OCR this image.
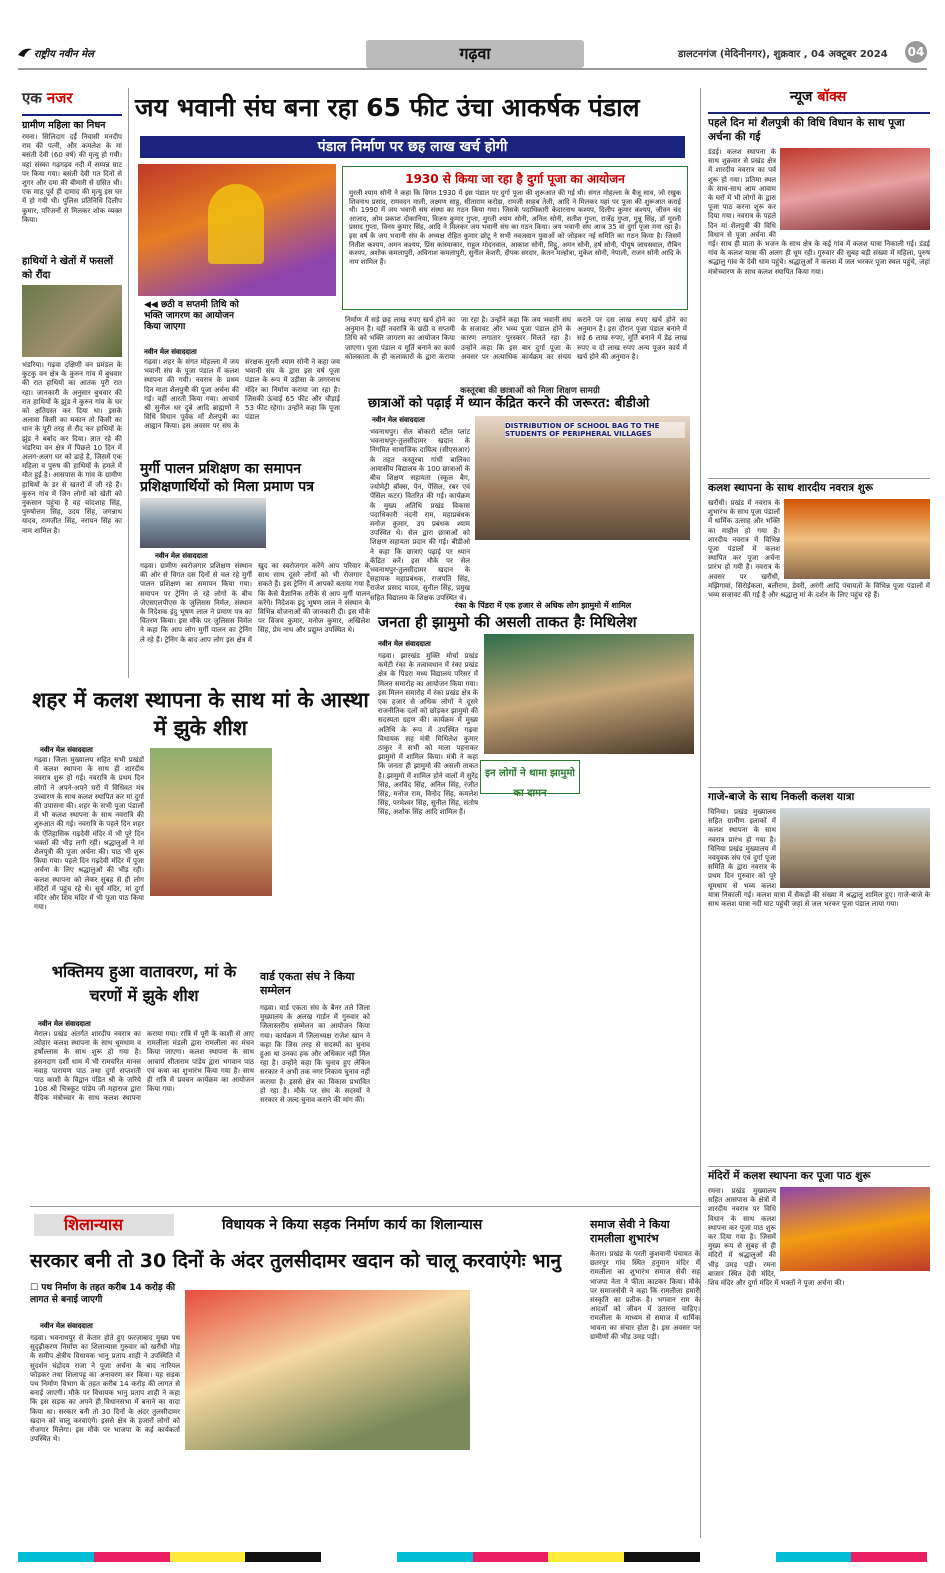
राष्ट्रीय नवीन मेल	गढ़वा	डालटनगंज (मेदिनीनगर), शुक्रवार , 04 अक्टूबर 2024 04
एक नजर
ग्रामीण महिला का निधन
रमना। सिलिदाग दर्ई निवासी मनदीप राम की पत्नी, और कमलेश के मां बसंती देवी (60 वर्ष) की मृत्यु हो गयी। वहां संस्का गढ़गढ़व नदी में सम्पन्न घाट पर किया गया। बसंती देवी गत दिनों से शुगर और दमा की बीमारी से ग्रसित थी। एक माह पूर्व ही दामाद की मृत्यु इस घर में हो गयी थी। पुलिस प्रतिनिधि दिलीप कुमार, परिजनों से मिलकर शोक व्यक्त किया।
हाथियों ने खेतों में फसलों को रौंदा
भंडरिया। गढ़वा दक्षिणी वन प्रमंडल के कुटकु वन क्षेत्र के कुरुन गांव में बुधवार की रात हाथियों का आतंक पूरी रात रहा। जानकारी के अनुसार बुधवार की रात हाथियों के झुंड ने कुरुन गांव के घर को क्षतिग्रस्त कर दिया था। इसके अलावा किसी का मकान तो किसी का धान के पूरी तरह से रौंद कर हाथियों के झुंड ने बर्बाद कर दिया। ज्ञात रहे की भंडरिया वन क्षेत्र में पिछले 10 दिन में अलग-अलग घर को ढाहे है, जिसमें एक महिला व पुरुष की हाथियों के हमले में मौत हुई है। आसपास के गांव के ग्रामीण हाथियों के डर से खतरों में जी रहे हैं। कुरुन गांव में जिन लोगों को खेती को नुकसान पहुंचा है वह चांदशाह सिंह, पुरुषोत्तम सिंह, उदय सिंह, जगन्नाथ यादव, रामजीत सिंह, नरायन सिंह का नाम शामिल है।
जय भवानी संघ बना रहा 65 फीट उंचा आकर्षक पंडाल
पंडाल निर्माण पर छह लाख खर्च होगी
1930 से किया जा रहा है दुर्गा पूजा का आयोजन
मुरली श्याम सोनी ने कहा कि विगत 1930 में इस पंडाल पर दुर्गा पूजा की शुरूआत की गई थी। संगत मोहल्ला के बैजू साव, जो रखुक शिवनाथ प्रसाद, रामवदन माली, लक्ष्मण साहू, सीताराम करोड़ा, रामजी साहब तेली, आदि ने मिलकर यहां पर पूजा की शुरूआत कराई थी। 1990 में जय भवानी संघ संस्था का गठन किया गया। जिसके पदाधिकारी केदारनाथ कश्यप, दिलीप कुमार कश्यप, जीवन चंद आजाद, ओम प्रकाश दोकानिया, विजय कुमार गुप्ता, मुरली श्याम सोनी, अनिल सोनी, सतीश गुप्ता, राजेंद्र गुप्ता, मुन्नू सिंह, डॉ मुरली प्रसाद गुप्ता, विनय कुमार सिंह, आदि ने मिलकर जय भवानी संघ का गठन किया। जय भवानी संघ आज 35 वां दुर्गा पूजा मना रहा है। इस वर्ष के जय भवानी संघ के अध्यक्ष रोहित कुमार छोटू ने सभी नवजवान युवाओं को जोड़कर नई समिति का गठन किया है। जिसमें नितीश कश्यप, अमन कश्यप, प्रिंस कांस्याकार, राहुल मोदनवाल, आकाश सोनी, मिट्ठू, अमन सोनी, हर्ष सोनी, पीयूष जायसवाल, रौबिन कश्यप, अशोक कमलापुरी, अविनाश कमलापुरी, सुनील केशरी, दीपक सरदार, केतन मल्होत्रा, मुकेश सोनी, नेपाली, राजन सोनी आदि के नाम शामिल हैं।
◀◀ छठी व सप्तमी तिथि को भक्ति जागरण का आयोजन किया जाएगा
नवीन मेल संवाददाता
गढ़वा। शहर के संगत मोहल्ला में जय भवानी संघ के पूजा पंडाल में कलश स्थापना की गयी। नवरात्र के प्रथम दिन माता शैलपुत्री की पूजा अर्चना की गई। वहीं आरती किया गया। आचार्य श्री सुनील धर दुबे आदि ब्राह्मणों ने विधि विधान पूर्वक माँ शैलपुत्री का आह्वान किया। इस अवसर पर संघ के संरक्षक मुरली श्याम सोनी ने कहा जय भवानी संघ के द्वारा इस वर्ष पूजा पंडाल के रूप में उड़ीसा के जगरनाथ मंदिर का निर्माण कराया जा रहा है। जिसकी ऊंचाई 65 फीट और चौड़ाई 53 फीट रहेगा। उन्होंने कहा कि पूजा पंडाल
निर्माण में सड़े छह लाख रुपए खर्च होने का अनुमान है। वहीं नवरात्रि के छठी व सप्तमी तिथि को भक्ति जागरण का आयोजन किया जाएगा। पूजा पंडाल व मूर्ति बनाने का कार्य कोलकाता के ही कलाकारों के द्वारा कराया जा रहा है। उन्होंने कहा कि जय भवानी संघ के सजावट और भव्य पूजा पंडाल होने के कारण लगातार पुरस्कार मिलते रहा है। उन्होंने कहा कि इस बार दुर्गा पूजा के अवसर पर अत्याधिक कार्यक्रम का संचय कराने पर दस लाख रुपए खर्च होने का अनुमान है। इस दौरान पूजा पंडाल बनाने में सड़े 6 लाख रुपए, मूर्ति बनाने में डेढ़ लाख रुपए व दो लाख रुपए अन्य पूजन कार्य में खर्च होने की अनुमान है।
मुर्गी पालन प्रशिक्षण का समापन प्रशिक्षणार्थियों को मिला प्रमाण पत्र
नवीन मेल संवाददाता
गढ़वा। ग्रामीण स्वरोजगार प्रशिक्षण संस्थान की ओर से विगत दस दिनों से चल रहे मुर्गी पालन प्रशिक्षण का समापन किया गया। समापन पर ट्रेनिंग ले रहे लोगो के बीच जेएसएलपीएस के जुलिसस निर्मल, संस्थान के निदेशक इंदु भूषण लाल ने प्रमाण पत्र का वितरण किया। इस मौके पर जुलिसस निर्मल ने कहा कि आप लोग मुर्गी पालन का ट्रेनिंग ले रहे हैं। ट्रेनिंग के बाद आप लोग इस क्षेत्र में खुद का स्वरोजगार करेंगे आप परिवार के साथ साथ दूसरे लोगों को भी रोजगार दे सकते हैं। इस ट्रेनिंग में आपको बताया गया है कि कैसे वैज्ञानिक तरीके से आप मुर्गी पालन करेंगे। निदेशक इंदु भूषण लाल ने संस्थान के विभिन्न योजनाओं की जानकारी दी। इस मौके पर विजय कुमार, मनोज कुमार, अखिलेश सिंह, प्रेम नाथ और प्रद्युम्न उपस्थित थे।
कस्तूरबा की छात्राओं को मिला शिक्षण सामग्री
छात्राओं को पढ़ाई में ध्यान केंद्रित करने की जरूरत: बीडीओ
नवीन मेल संवाददाता
DISTRIBUTION OF SCHOOL BAG TO THE STUDENTS OF PERIPHERAL VILLAGES
भवनाथपुर। सेल बोकारो स्टील प्लांट भवनाथपुर-तुलसीदामर खदान के निगमित सामाजिक दायित्व (सीएसआर) के तहत कस्तूरबा गांधी बालिका आवासीय विद्यालय के 100 छात्राओं के बीच शिक्षण सहायता (स्कूल बैग, ज्योमेट्री बॉक्स, पेन, पेंसिल, रबर एवं पेंसिल कटर) वितरित की गई। कार्यक्रम के मुख्य अतिथि प्रखंड विकास पदाधिकारी नंदनी राम, महाप्रबंधक मनोज कुमार, उप प्रबंधक श्याम उपस्थित थे। सेल द्वारा छात्राओं को शिक्षण सहायता प्रदान की गई। बीडीओ ने कहा कि छात्राएं पढ़ाई पर ध्यान केंद्रित करें। इस मौके पर सेल भवनाथपुर-तुलसीदामर खदान के सहायक महाप्रबंधक, राजपति सिंह, राजेश प्रसाद यादव, सुनील सिंह, प्रमुख सहित विद्यालय के शिक्षक उपस्थित थे।
रंका के पिंडरा में एक हजार से अधिक लोग झामुमो में शामिल
जनता ही झामुमो की असली ताकत हैः मिथिलेश
नवीन मेल संवाददाता
गढ़वा। झारखंड मुक्ति मोर्चा प्रखंड कमेटी रंका के तत्वावधान में रंका प्रखंड क्षेत्र के पिंडरा मध्य विद्यालय परिसर में मिलन समारोह का आयोजन किया गया। इस मिलन समारोह में रंका प्रखंड क्षेत्र के एक हजार से अधिक लोगों ने दूसरे राजनीतिक दलों को छोड़कर झामुमो की सदस्यता ग्रहण की। कार्यक्रम में मुख्य अतिथि के रूप में उपस्थित गढ़वा विधायक सह मंत्री मिथिलेश कुमार ठाकुर ने सभी को माला पहनाकर झामुमो में शामिल किया। मंत्री ने कहा कि जनता ही झामुमो की असली ताकत है। झामुमो में शामिल होने वालों में सुरेंद्र सिंह, अरविंद सिंह, अनिल सिंह, रंजीत सिंह, मनोज राम, विनोद सिंह, कमलेश सिंह, परमेश्वर सिंह, सुनील सिंह, संतोष सिंह, अशोक सिंह आदि शामिल हैं।
इन लोगों ने थामा झामुमो का दामन
शहर में कलश स्थापना के साथ मां के आस्था में झुके शीश
नवीन मेल संवाददाता
गढ़वा। जिला मुख्यालय सहित सभी प्रखंडों में कलश स्थापना के साथ ही शारदीय नवरात्र शुरू हो गई। नवरात्रि के प्रथम दिन लोगों ने अपने-अपने घरों में विधिवत मंत्र उच्चारण के साथ कलश स्थापित कर मां दुर्गा की उपासना की। शहर के सभी पूजा पंडालों में भी कलश स्थापना के साथ नवरात्रि की शुरुआत की गई। नवरात्रि के पहले दिन शहर के ऐतिहासिक गढ़देवी मंदिर में भी पूरे दिन भक्तों की भीड़ लगी रही। श्रद्धालुओं ने मां शैलपुत्री की पूजा अर्चना की। पाठ भी शुरू किया गया। पहले दिन गढ़देवी मंदिर में पूजा अर्चना के लिए श्रद्धालुओं की भीड़ रही। कलश स्थापना को लेकर सुबह से ही लोग मंदिरों में पहुंच रहे थे। सूर्य मंदिर, मां दुर्गा मंदिर और शिव मंदिर में भी पूजा पाठ किया गया।
भक्तिमय हुआ वातावरण, मां के चरणों में झुके शीश
नवीन मेल संवाददाता
मेराल। प्रखंड अंतर्गत शारदीय नवरात्र का त्योहार कलश स्थापना के साथ धूमधाम व हर्षोल्लास के साथ शुरू हो गया है। हसनदाग दर्शी धाम में भी रामचरित मानस नवाह पारायण पाठ तथा दुर्गा सप्तशती पाठ काशी के विद्वान पंडित श्री के जरिये 108 श्री चित्रकूट पांडेय जी महाराज द्वारा वैदिक मंत्रोच्चार के साथ कलश स्थापना कराया गया। रात्रि में पूरी के काशी से आए रामलीला मंडली द्वारा रामलीला का मंचन किया जाएगा। कलश स्थापना के साथ आचार्य सीताराम पांडेय द्वारा भगवान पाठ एवं कथा का शुभारंभ किया गया है। साथ ही रात्रि में प्रवचन कार्यक्रम का आयोजन किया गया।
वार्ड एकता संघ ने किया सम्मेलन
गढ़वा। वार्ड एकता संघ के बैनर तले जिला मुख्यालय के अलख गार्डन में गुरुवार को जिलास्तरीय सम्मेलन का आयोजन किया गया। कार्यक्रम में जिलाध्यक्ष राजेश खान ने कहा कि जिस तरह से सदस्यों का चुनाव हुआ था उनका हक और अधिकार नहीं मिल रहा है। उन्होंने कहा कि चुनाव हुए लेकिन सरकार ने अभी तक नगर निकाय चुनाव नहीं कराया है। इससे क्षेत्र का विकास प्रभावित हो रहा है। मौके पर संघ के सदस्यों ने सरकार से जल्द चुनाव कराने की मांग की।
शिलान्यास	विधायक ने किया सड़क निर्माण कार्य का शिलान्यास
सरकार बनी तो 30 दिनों के अंदर तुलसीदामर खदान को चालू करवाएंगेः भानु
☐ पथ निर्माण के तहत करीब 14 करोड़ की लागत से बनाई जाएगी
नवीन मेल संवाददाता
गढ़वा। भवनाथपुर से केतार होते हुए फ़रज़ाबाद मुख्य पथ सुदृढ़ीकरण निर्माण का शिलान्यास गुरुवार को खरौंधी मोड़ के समीप क्षेत्रीय विधायक भानु प्रताप शाही ने उपस्थिति में सुदर्शन चंद्रोदय राजा ने पूजा अर्चना के बाद नारियल फोड़कर तथा शिलापट्ट का अनावरण कर किया। यह सड़क पथ निर्माण विभाग के तहत करीब 14 करोड़ की लागत से बनाई जाएगी। मौके पर विधायक भानु प्रताप शाही ने कहा कि इस सड़क का अपने ही विधानसभा में बनाने का वादा किया था। सरकार बनी तो 30 दिनों के अंदर तुलसीदामर खदान को चालू करवाएंगे। इससे क्षेत्र के हजारों लोगों को रोजगार मिलेगा। इस मौके पर भाजपा के कई कार्यकर्ता उपस्थित थे।
समाज सेवी ने किया रामलीला शुभारंभ
केतार। प्रखंड के परती कुशवानी पंचायत के छतरपुर गांव स्थित हनुमान मंदिर में रामलीला का शुभारंभ समाज सेवी सह भाजपा नेता ने फीता काटकर किया। मौके पर समाजसेवी ने कहा कि रामलीला हमारी संस्कृति का प्रतीक है। भगवान राम के आदर्शों को जीवन में उतारना चाहिए। रामलीला के माध्यम से समाज में धार्मिक भावना का संचार होता है। इस अवसर पर ग्रामीणों की भीड़ उमड़ पड़ी।
न्यूज बॉक्स
पहले दिन मां शैलपुत्री की विधि विधान के साथ पूजा अर्चना की गई
डंडई। कलश स्थापना के साथ शुक्रवार से प्रखंड क्षेत्र में शारदीय नवरात्र का पर्व शुरू हो गया। प्रतिमा स्थल के साथ-साथ आम आवाम के घरों में भी लोगों के द्वारा पूजा पाठ करना शुरू कर दिया गया। नवरात्र के पहले दिन मां शैलपुत्री की विधि विधान से पूजा अर्चना की गई। साथ ही माता के भजन के साथ क्षेत्र के कई गांव में कलश यात्रा निकाली गई। डंडई गांव के कलश यात्रा की अलग ही धूम रही। गुरुवार की सुबह बड़ी संख्या में महिला, पुरुष श्रद्धालु गांव के देवी धाम पहुंचे। श्रद्धालुओं ने कलश में जल भरकर पूजा स्थल पहुंचे, जहां मंत्रोच्चारण के साथ कलश स्थापित किया गया।
कलश स्थापना के साथ शारदीय नवरात्र शुरू
खरौंधी। प्रखंड में नवरात्र के शुभारंभ के साथ पूजा पंडालों में धार्मिक उत्साह और भक्ति का माहौल हो गया है। शारदीय नवरात्र में विभिन्न पूजा पंडालों में कलश स्थापित कर पूजा अर्चना प्रारंभ हो गयी है। नवरात्र के अवसर पर खरौंधी, मझिगावां, सिरोईकला, बलीराम, डेवरी, अरंगी आदि पंचायतों के विभिन्न पूजा पंडालों में भव्य सजावट की गई है और श्रद्धालु मां के दर्शन के लिए पहुंच रहे हैं।
गाजे-बाजे के साथ निकली कलश यात्रा
चिनिया। प्रखंड मुख्यालय सहित ग्रामीण इलाकों में कलश स्थापना के साथ नवरात्र प्रारंभ हो गया है। चिनिया प्रखंड मुख्यालय में नवयुवक संघ एवं दुर्गा पूजा समिति के द्वारा नवरात्र के प्रथम दिन गुरुवार को पूरे धूमधाम से भव्य कलश यात्रा निकाली गई। कलश यात्रा में सैकड़ों की संख्या में श्रद्धालु शामिल हुए। गाजे-बाजे के साथ कलश यात्रा नदी घाट पहुंची जहां से जल भरकर पूजा पंडाल लाया गया।
मंदिरों में कलश स्थापना कर पूजा पाठ शुरू
रमना। प्रखंड मुख्यालय सहित आसपास के क्षेत्रों में शारदीय नवरात्र पर विधि विधान के साथ कलश स्थापना कर पूजा पाठ शुरू कर दिया गया है। जिसमें मुख्य रूप से सुबह से ही मंदिरों में श्रद्धालुओं की भीड़ उमड़ पड़ी। रमना बाजार स्थित देवी मंदिर, शिव मंदिर और दुर्गा मंदिर में भक्तों ने पूजा अर्चना की।
